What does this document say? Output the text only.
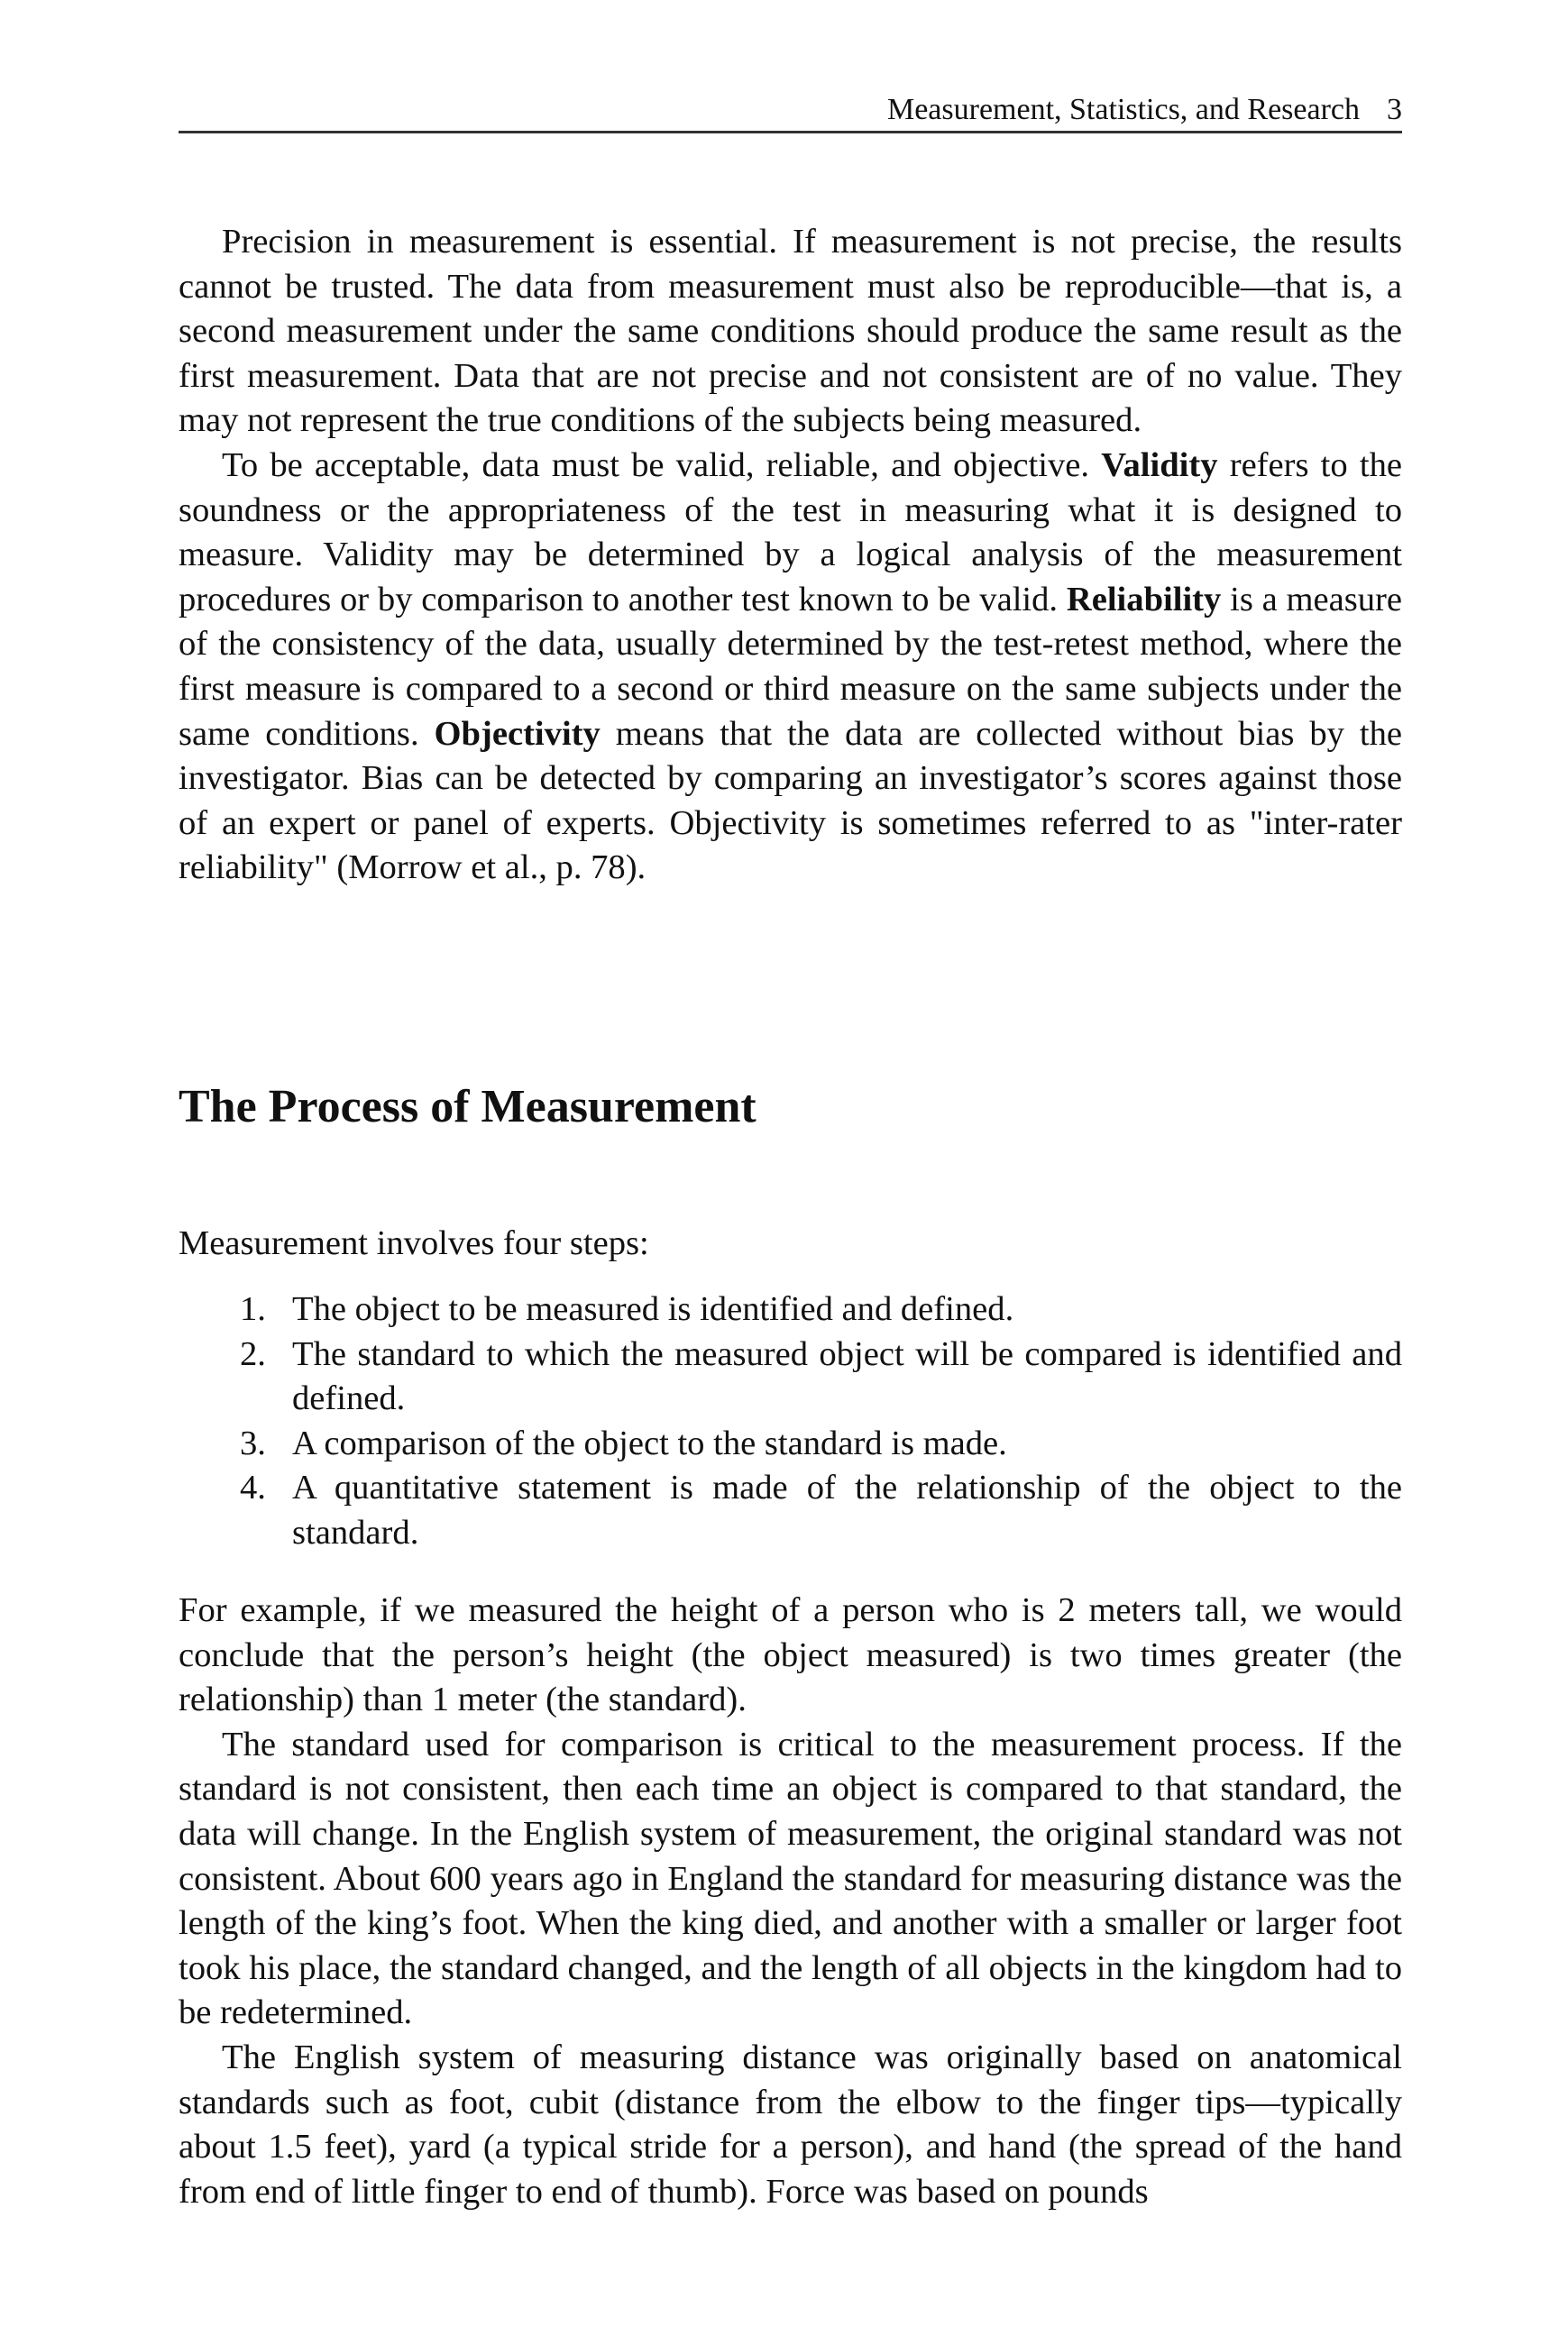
Measurement, Statistics, and Research 3

Precision in measurement is essential. If measurement is not precise, the results cannot be trusted. The data from measurement must also be reproducible—that is, a second measurement under the same conditions should produce the same result as the first measurement. Data that are not precise and not consistent are of no value. They may not represent the true conditions of the subjects being measured.

To be acceptable, data must be valid, reliable, and objective. Validity refers to the soundness or the appropriateness of the test in measuring what it is designed to measure. Validity may be determined by a logical analysis of the measurement procedures or by comparison to another test known to be valid. Reliability is a measure of the consistency of the data, usually determined by the test-retest method, where the first measure is compared to a second or third measure on the same subjects under the same conditions. Objectivity means that the data are collected without bias by the investigator. Bias can be detected by comparing an investigator’s scores against those of an expert or panel of experts. Objectivity is sometimes referred to as "inter-rater reliability" (Morrow et al., p. 78).

The Process of Measurement

Measurement involves four steps:

1. The object to be measured is identified and defined.
2. The standard to which the measured object will be compared is identified and defined.
3. A comparison of the object to the standard is made.
4. A quantitative statement is made of the relationship of the object to the standard.

For example, if we measured the height of a person who is 2 meters tall, we would conclude that the person’s height (the object measured) is two times greater (the relationship) than 1 meter (the standard).

The standard used for comparison is critical to the measurement process. If the standard is not consistent, then each time an object is compared to that standard, the data will change. In the English system of measurement, the original standard was not consistent. About 600 years ago in England the standard for measuring distance was the length of the king’s foot. When the king died, and another with a smaller or larger foot took his place, the standard changed, and the length of all objects in the kingdom had to be redetermined.

The English system of measuring distance was originally based on anatomical standards such as foot, cubit (distance from the elbow to the finger tips—typically about 1.5 feet), yard (a typical stride for a person), and hand (the spread of the hand from end of little finger to end of thumb). Force was based on pounds
